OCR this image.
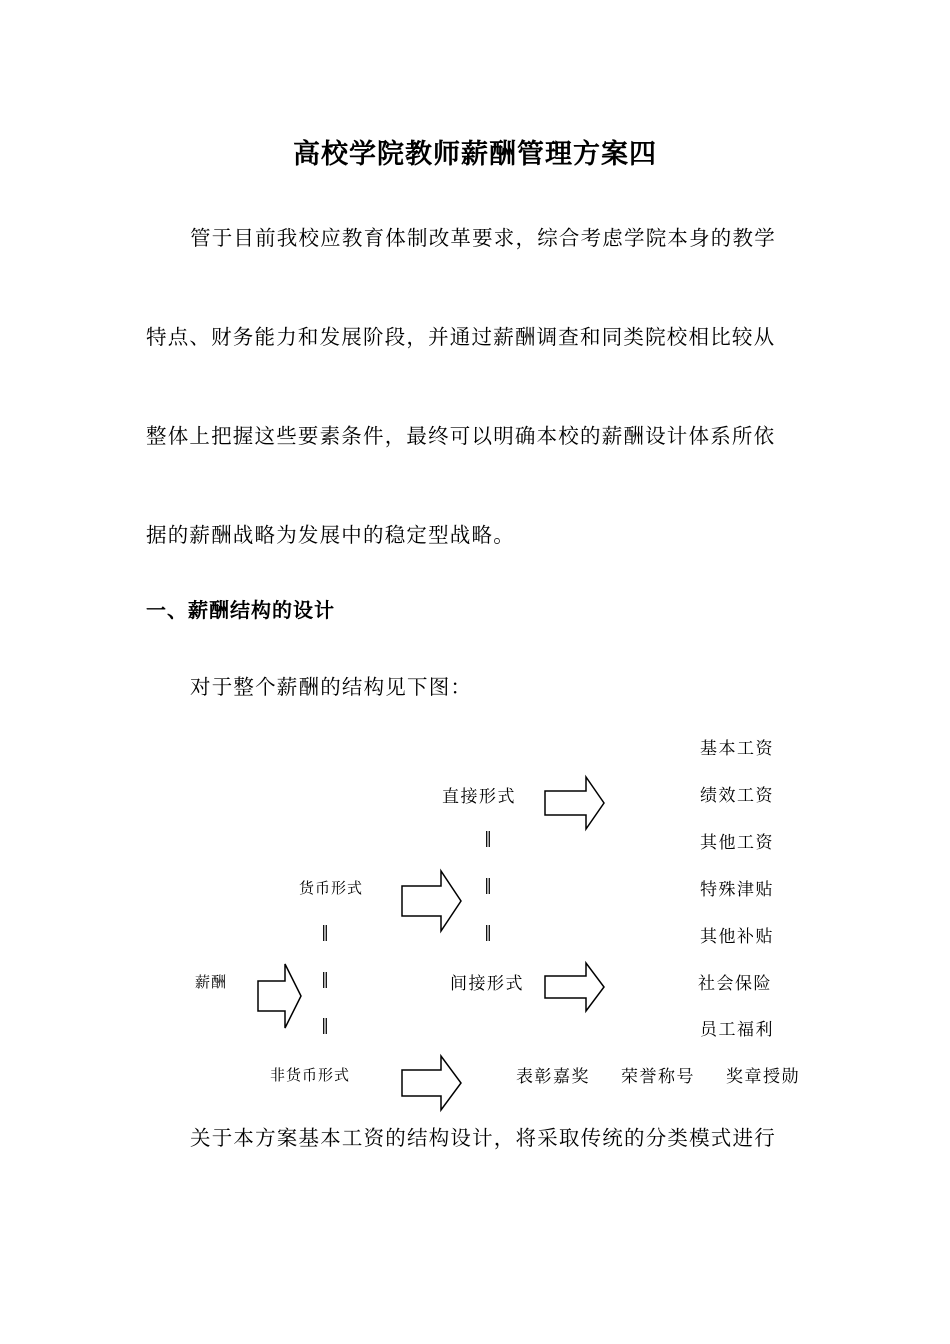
高校学院教师薪酬管理方案四
管于目前我校应教育体制改革要求，综合考虑学院本身的教学
特点、财务能力和发展阶段，并通过薪酬调查和同类院校相比较从
整体上把握这些要素条件，最终可以明确本校的薪酬设计体系所依
据的薪酬战略为发展中的稳定型战略。
一、薪酬结构的设计
对于整个薪酬的结构见下图：
基本工资
绩效工资
其他工资
特殊津贴
其他补贴
社会保险
员工福利
直接形式
‖
‖
‖
货币形式
‖
‖
‖
薪酬	间接形式
非货币形式	表彰嘉奖 荣誉称号 奖章授勋
关于本方案基本工资的结构设计，将采取传统的分类模式进行
